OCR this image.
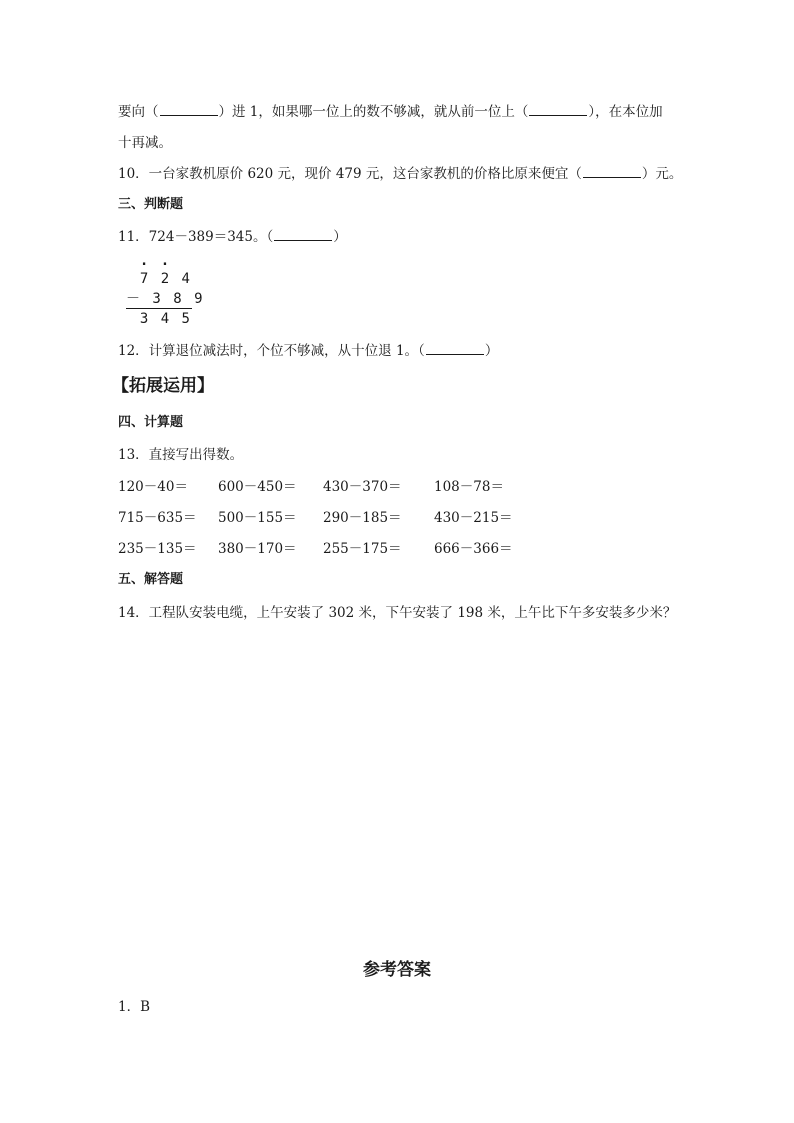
要向（	）进 1，如果哪一位上的数不够减，就从前一位上（	），在本位加
十再减。
10．一台家教机原价 620 元，现价 479 元，这台家教机的价格比原来便宜（	）元。
三、判断题
11．724－389＝345。（	）
. .
7 2 4
－ 3 8 9
3 4 5
12．计算退位减法时，个位不够减，从十位退 1。（	）
【拓展运用】
四、计算题
13．直接写出得数。
120－40＝ 600－450＝ 430－370＝ 108－78＝
715－635＝ 500－155＝ 290－185＝ 430－215＝
235－135＝ 380－170＝ 255－175＝ 666－366＝
五、解答题
14．工程队安装电缆，上午安装了 302 米，下午安装了 198 米，上午比下午多安装多少米？
参考答案
1．B
